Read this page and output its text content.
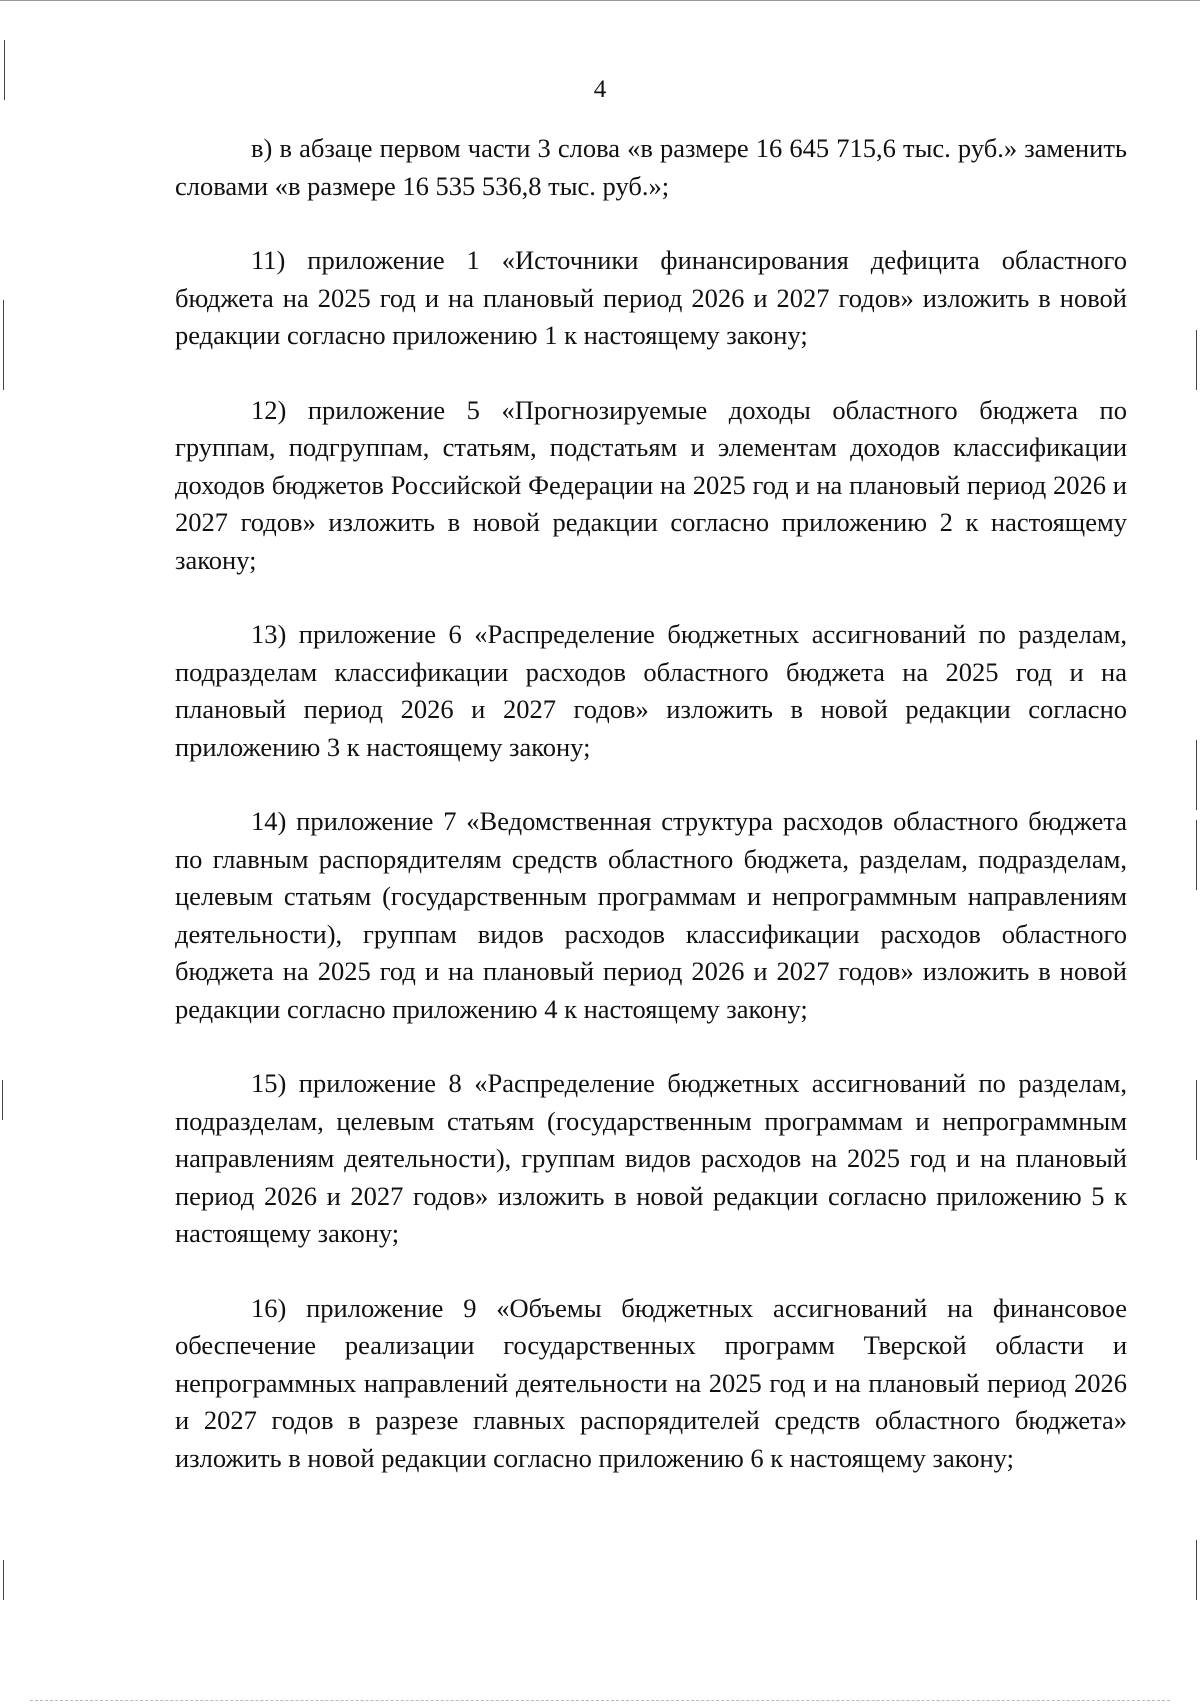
4

в) в абзаце первом части 3 слова «в размере 16 645 715,6 тыс. руб.» заменить словами «в размере 16 535 536,8 тыс. руб.»;

11) приложение 1 «Источники финансирования дефицита областного бюджета на 2025 год и на плановый период 2026 и 2027 годов» изложить в новой редакции согласно приложению 1 к настоящему закону;

12) приложение 5 «Прогнозируемые доходы областного бюджета по группам, подгруппам, статьям, подстатьям и элементам доходов классификации доходов бюджетов Российской Федерации на 2025 год и на плановый период 2026 и 2027 годов» изложить в новой редакции согласно приложению 2 к настоящему закону;

13) приложение 6 «Распределение бюджетных ассигнований по разделам, подразделам классификации расходов областного бюджета на 2025 год и на плановый период 2026 и 2027 годов» изложить в новой редакции согласно приложению 3 к настоящему закону;

14) приложение 7 «Ведомственная структура расходов областного бюджета по главным распорядителям средств областного бюджета, разделам, подразделам, целевым статьям (государственным программам и непрограммным направлениям деятельности), группам видов расходов классификации расходов областного бюджета на 2025 год и на плановый период 2026 и 2027 годов» изложить в новой редакции согласно приложению 4 к настоящему закону;

15) приложение 8 «Распределение бюджетных ассигнований по разделам, подразделам, целевым статьям (государственным программам и непрограммным направлениям деятельности), группам видов расходов на 2025 год и на плановый период 2026 и 2027 годов» изложить в новой редакции согласно приложению 5 к настоящему закону;

16) приложение 9 «Объемы бюджетных ассигнований на финансовое обеспечение реализации государственных программ Тверской области и непрограммных направлений деятельности на 2025 год и на плановый период 2026 и 2027 годов в разрезе главных распорядителей средств областного бюджета» изложить в новой редакции согласно приложению 6 к настоящему закону;
